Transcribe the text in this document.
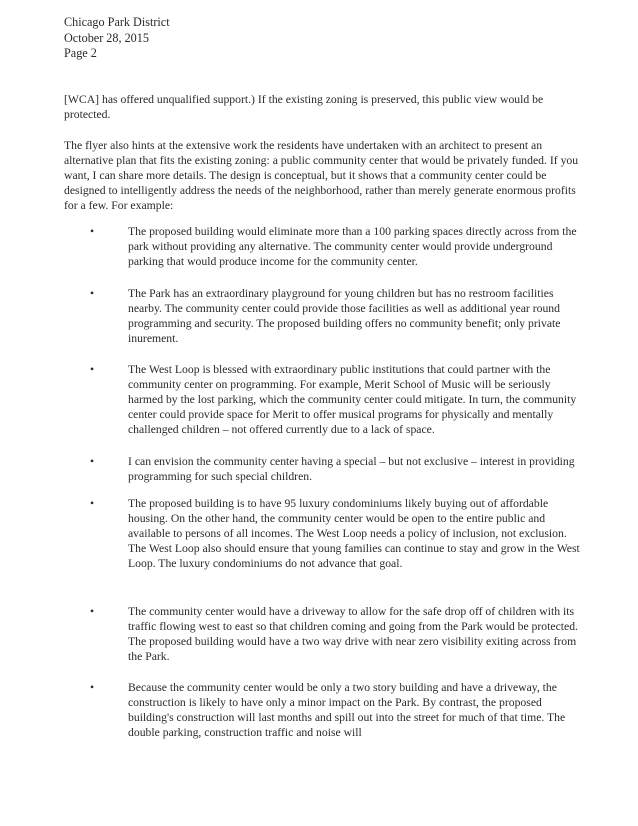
Chicago Park District
October 28, 2015
Page 2

[WCA] has offered unqualified support.) If the existing zoning is preserved, this public view would be protected.

The flyer also hints at the extensive work the residents have undertaken with an architect to present an alternative plan that fits the existing zoning: a public community center that would be privately funded. If you want, I can share more details. The design is conceptual, but it shows that a community center could be designed to intelligently address the needs of the neighborhood, rather than merely generate enormous profits for a few. For example:

•	The proposed building would eliminate more than a 100 parking spaces directly across from the park without providing any alternative. The community center would provide underground parking that would produce income for the community center.

•	The Park has an extraordinary playground for young children but has no restroom facilities nearby. The community center could provide those facilities as well as additional year round programming and security. The proposed building offers no community benefit; only private inurement.

•	The West Loop is blessed with extraordinary public institutions that could partner with the community center on programming. For example, Merit School of Music will be seriously harmed by the lost parking, which the community center could mitigate. In turn, the community center could provide space for Merit to offer musical programs for physically and mentally challenged children – not offered currently due to a lack of space.

•	I can envision the community center having a special – but not exclusive – interest in providing programming for such special children.

•	The proposed building is to have 95 luxury condominiums likely buying out of affordable housing. On the other hand, the community center would be open to the entire public and available to persons of all incomes. The West Loop needs a policy of inclusion, not exclusion. The West Loop also should ensure that young families can continue to stay and grow in the West Loop. The luxury condominiums do not advance that goal.

•	The community center would have a driveway to allow for the safe drop off of children with its traffic flowing west to east so that children coming and going from the Park would be protected. The proposed building would have a two way drive with near zero visibility exiting across from the Park.

•	Because the community center would be only a two story building and have a driveway, the construction is likely to have only a minor impact on the Park. By contrast, the proposed building's construction will last months and spill out into the street for much of that time. The double parking, construction traffic and noise will
